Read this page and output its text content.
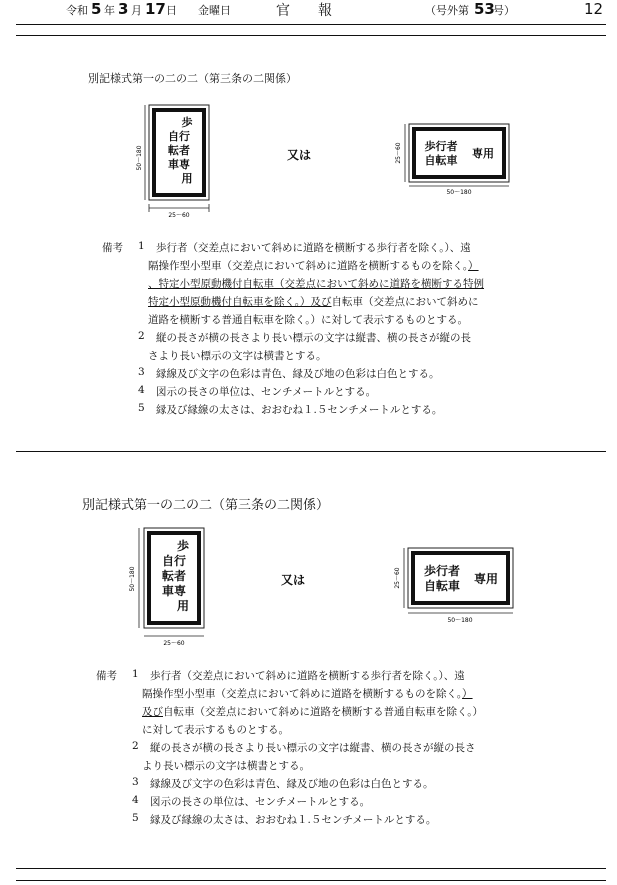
令和 5 年 3 月 17 日 金曜日	官　　報	（号外第 53
号）	12
別記様式第一の二の二（第三条の二関係）
50～180
25～60
歩
自行
転者
車専
用
又は	25～60
50～180
歩行者
自転車
専用
備考 1 歩行者（交差点において斜めに道路を横断する歩行者を除く。）、遠
隔操作型小型車（交差点において斜めに道路を横断するものを除く。）
、特定小型原動機付自転車（交差点において斜めに道路を横断する特例
特定小型原動機付自転車を除く。）及び自転車（交差点において斜めに
道路を横断する普通自転車を除く。）に対して表示するものとする。
2 縦の長さが横の長さより長い標示の文字は縦書、横の長さが縦の長
さより長い標示の文字は横書とする。
3 縁線及び文字の色彩は青色、縁及び地の色彩は白色とする。
4 図示の長さの単位は、センチメートルとする。
5 縁及び縁線の太さは、おおむね１.５センチメートルとする。
別記様式第一の二の二（第三条の二関係）
50～180
25～60
歩
自行
転者
車専
用
又は	25～60
50～180
歩行者
自転車 専用
備考 1 歩行者（交差点において斜めに道路を横断する歩行者を除く。）、遠
隔操作型小型車（交差点において斜めに道路を横断するものを除く。）
及び自転車（交差点において斜めに道路を横断する普通自転車を除く。）
に対して表示するものとする。
2 縦の長さが横の長さより長い標示の文字は縦書、横の長さが縦の長さ
より長い標示の文字は横書とする。
3 縁線及び文字の色彩は青色、縁及び地の色彩は白色とする。
4 図示の長さの単位は、センチメートルとする。
5 縁及び縁線の太さは、おおむね１.５センチメートルとする。
